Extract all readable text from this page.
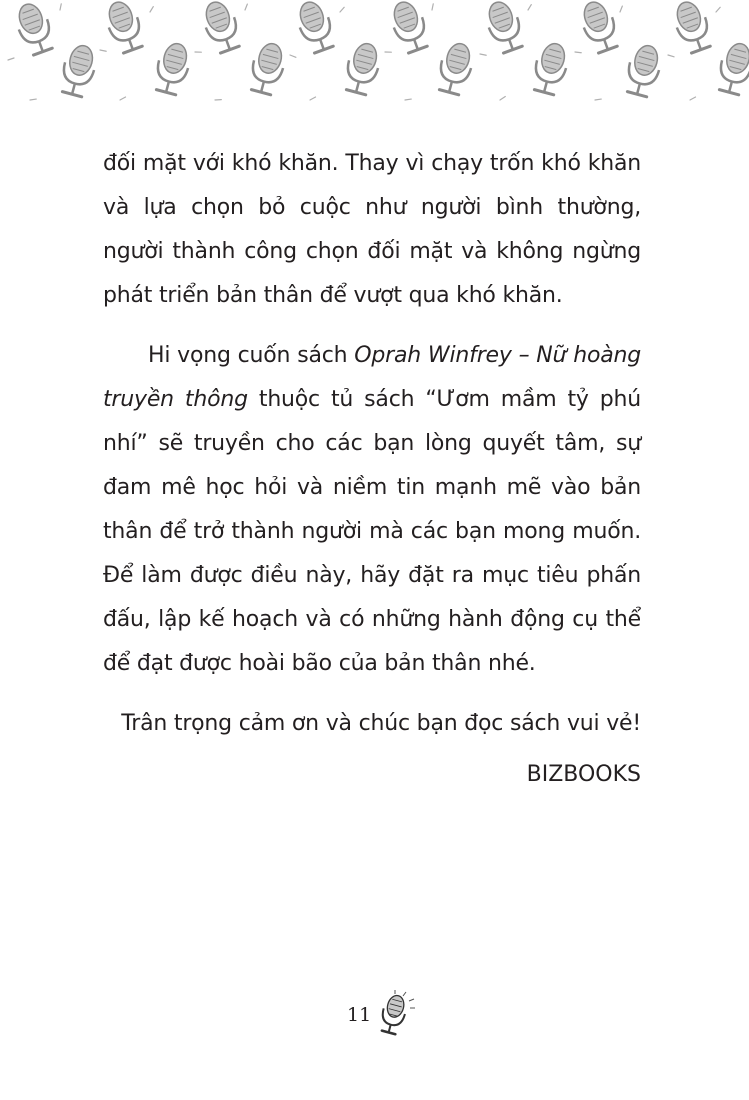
đối mặt với khó khăn. Thay vì chạy trốn khó khăn và lựa chọn bỏ cuộc như người bình thường, người thành công chọn đối mặt và không ngừng phát triển bản thân để vượt qua khó khăn.

Hi vọng cuốn sách Oprah Winfrey – Nữ hoàng truyền thông thuộc tủ sách “Ươm mầm tỷ phú nhí” sẽ truyền cho các bạn lòng quyết tâm, sự đam mê học hỏi và niềm tin mạnh mẽ vào bản thân để trở thành người mà các bạn mong muốn. Để làm được điều này, hãy đặt ra mục tiêu phấn đấu, lập kế hoạch và có những hành động cụ thể để đạt được hoài bão của bản thân nhé.

Trân trọng cảm ơn và chúc bạn đọc sách vui vẻ!

BIZBOOKS

11
